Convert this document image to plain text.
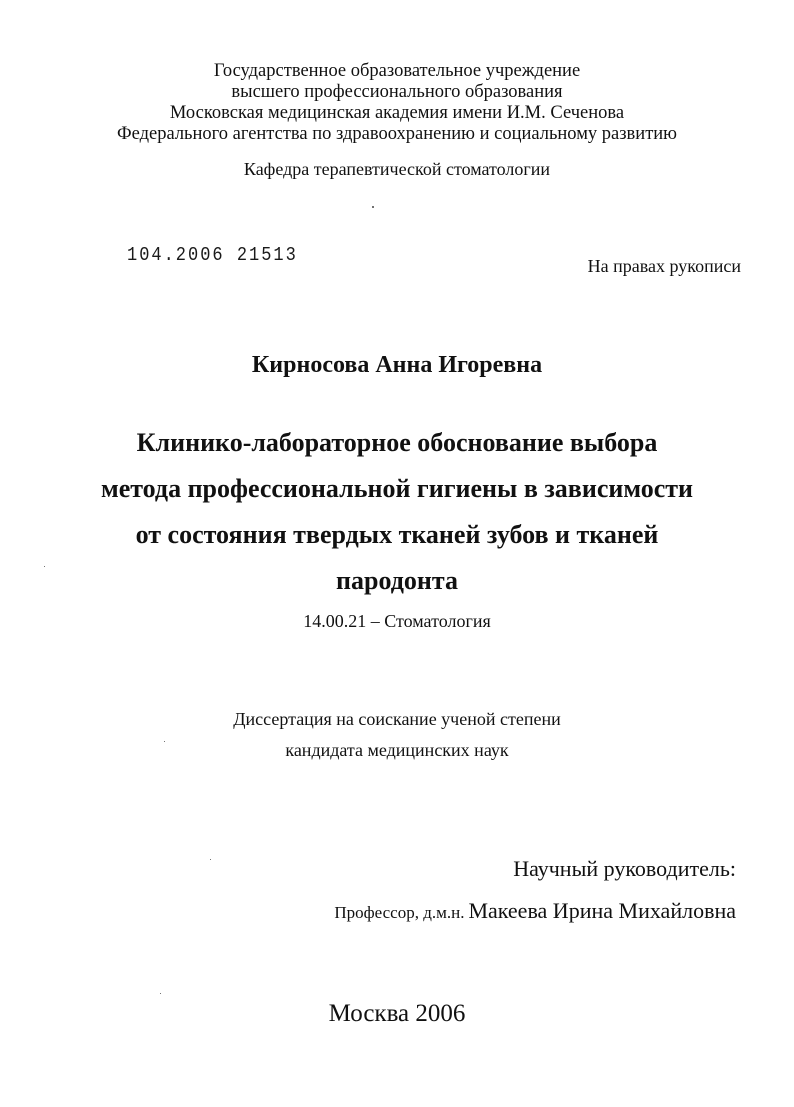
Государственное образовательное учреждение
высшего профессионального образования
Московская медицинская академия имени И.М. Сеченова
Федерального агентства по здравоохранению и социальному развитию
Кафедра терапевтической стоматологии
104.2006 21513	На правах рукописи
Кирносова Анна Игоревна
Клинико-лабораторное обоснование выбора
метода профессиональной гигиены в зависимости
от состояния твердых тканей зубов и тканей
пародонта
14.00.21 – Стоматология
Диссертация на соискание ученой степени
кандидата медицинских наук
Научный руководитель:
Профессор, д.м.н. Макеева Ирина Михайловна
Москва 2006
